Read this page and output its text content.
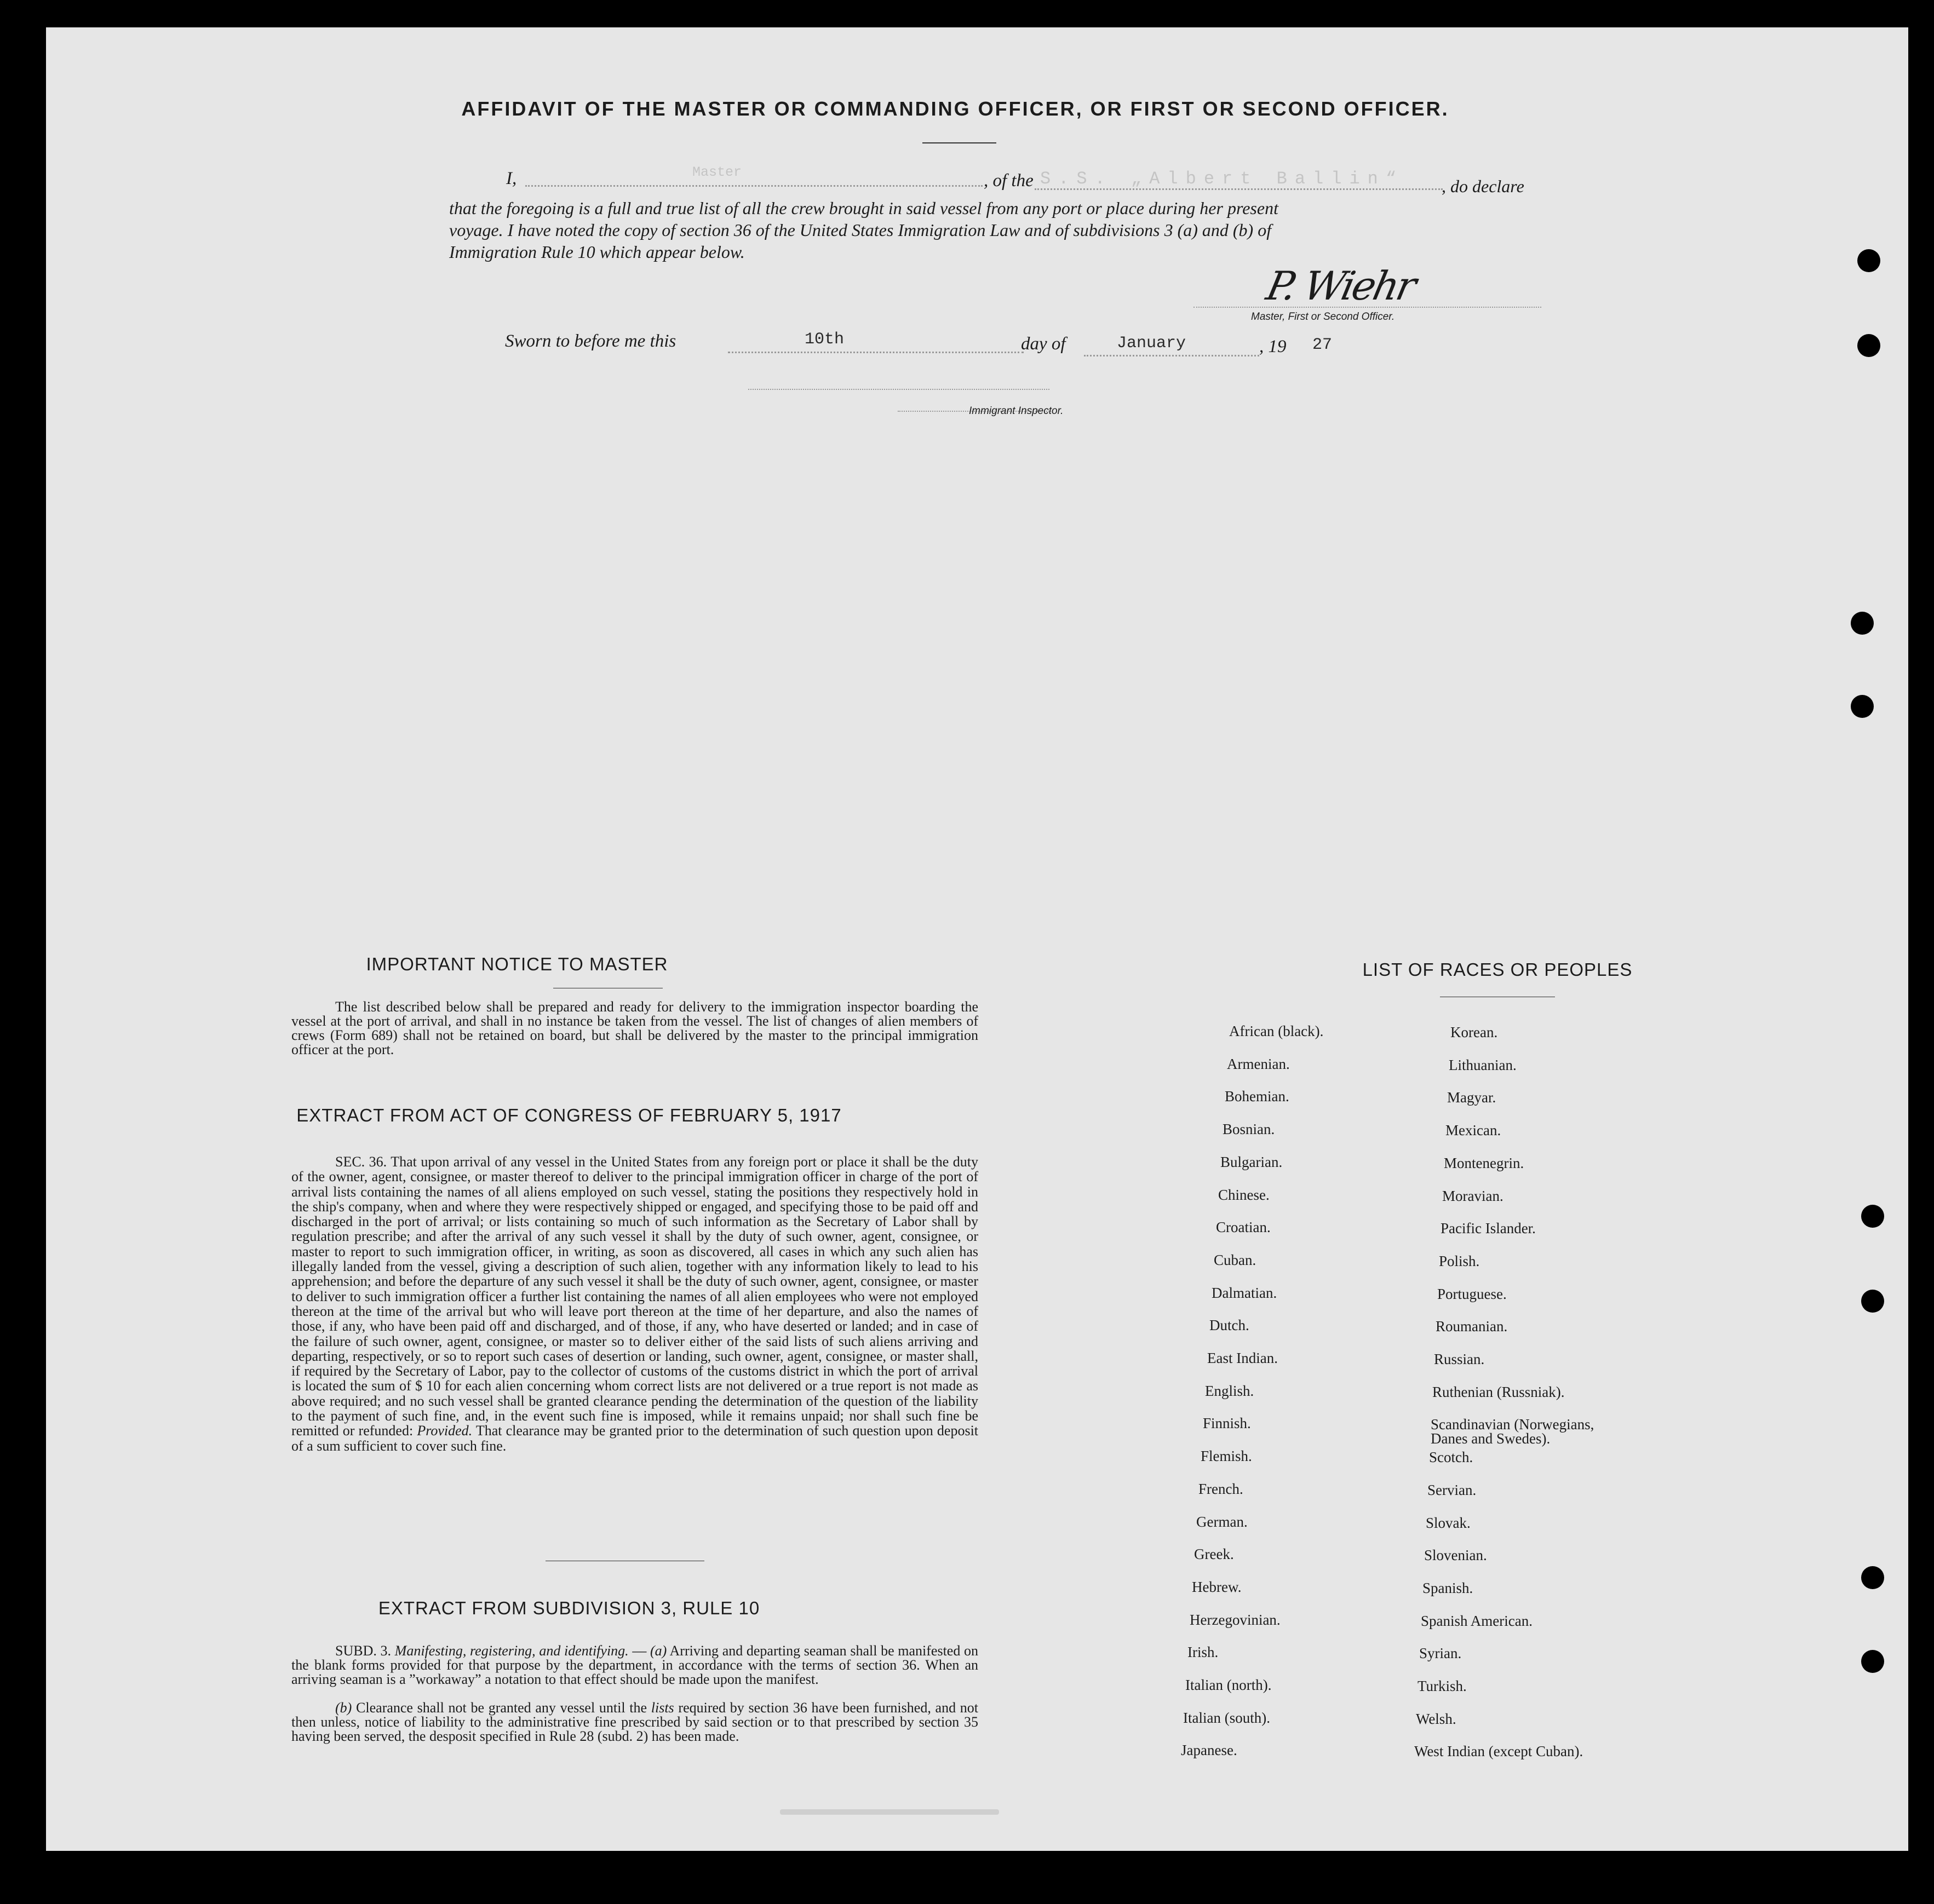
AFFIDAVIT OF THE MASTER OR COMMANDING OFFICER, OR FIRST OR SECOND OFFICER.
I,	Master	, of the S.S. „Albert Ballin“ , do declare
that the foregoing is a full and true list of all the crew brought in said vessel from any port or place during her present
voyage. I have noted the copy of section 36 of the United States Immigration Law and of subdivisions 3 (a) and (b) of
Immigration Rule 10 which appear below.
P. Wiehr
Master, First or Second Officer.
Sworn to before me this	10th	day of	January	, 19 27
Immigrant Inspector.
IMPORTANT NOTICE TO MASTER
The list described below shall be prepared and ready for delivery to the immigration inspector boarding the vessel at the port of arrival, and shall in no instance be taken from the vessel. The list of changes of alien members of crews (Form 689) shall not be retained on board, but shall be delivered by the master to the principal immigration officer at the port.
EXTRACT FROM ACT OF CONGRESS OF FEBRUARY 5, 1917
SEC. 36. That upon arrival of any vessel in the United States from any foreign port or place it shall be the duty of the owner, agent, consignee, or master thereof to deliver to the principal immigration officer in charge of the port of arrival lists containing the names of all aliens employed on such vessel, stating the positions they respectively hold in the ship's company, when and where they were respectively shipped or engaged, and specifying those to be paid off and discharged in the port of arrival; or lists containing so much of such information as the Secretary of Labor shall by regulation prescribe; and after the arrival of any such vessel it shall by the duty of such owner, agent, consignee, or master to report to such immigration officer, in writing, as soon as discovered, all cases in which any such alien has illegally landed from the vessel, giving a description of such alien, together with any information likely to lead to his apprehension; and before the departure of any such vessel it shall be the duty of such owner, agent, consignee, or master to deliver to such immigration officer a further list containing the names of all alien employees who were not employed thereon at the time of the arrival but who will leave port thereon at the time of her departure, and also the names of those, if any, who have been paid off and discharged, and of those, if any, who have deserted or landed; and in case of the failure of such owner, agent, consignee, or master so to deliver either of the said lists of such aliens arriving and departing, respectively, or so to report such cases of desertion or landing, such owner, agent, consignee, or master shall, if required by the Secretary of Labor, pay to the collector of customs of the customs district in which the port of arrival is located the sum of $ 10 for each alien concerning whom correct lists are not delivered or a true report is not made as above required; and no such vessel shall be granted clearance pending the determination of the question of the liability to the payment of such fine, and, in the event such fine is imposed, while it remains unpaid; nor shall such fine be remitted or refunded: Provided. That clearance may be granted prior to the determination of such question upon deposit of a sum sufficient to cover such fine.
EXTRACT FROM SUBDIVISION 3, RULE 10
SUBD. 3. Manifesting, registering, and identifying. — (a) Arriving and departing seaman shall be manifested on the blank forms provided for that purpose by the department, in accordance with the terms of section 36. When an arriving seaman is a ”workaway” a notation to that effect should be made upon the manifest.
(b) Clearance shall not be granted any vessel until the lists required by section 36 have been furnished, and not then unless, notice of liability to the administrative fine prescribed by said section or to that prescribed by section 35 having been served, the desposit specified in Rule 28 (subd. 2) has been made.
LIST OF RACES OR PEOPLES
African (black).
Armenian.
Bohemian.
Bosnian.
Bulgarian.
Chinese.
Croatian.
Cuban.
Dalmatian.
Dutch.
East Indian.
English.
Finnish.
Flemish.
French.
German.
Greek.
Hebrew.
Herzegovinian.
Irish.
Italian (north).
Italian (south).
Japanese.
Korean.
Lithuanian.
Magyar.
Mexican.
Montenegrin.
Moravian.
Pacific Islander.
Polish.
Portuguese.
Roumanian.
Russian.
Ruthenian (Russniak).
Scandinavian (Norwegians,
Danes and Swedes).
Scotch.
Servian.
Slovak.
Slovenian.
Spanish.
Spanish American.
Syrian.
Turkish.
Welsh.
West Indian (except Cuban).
